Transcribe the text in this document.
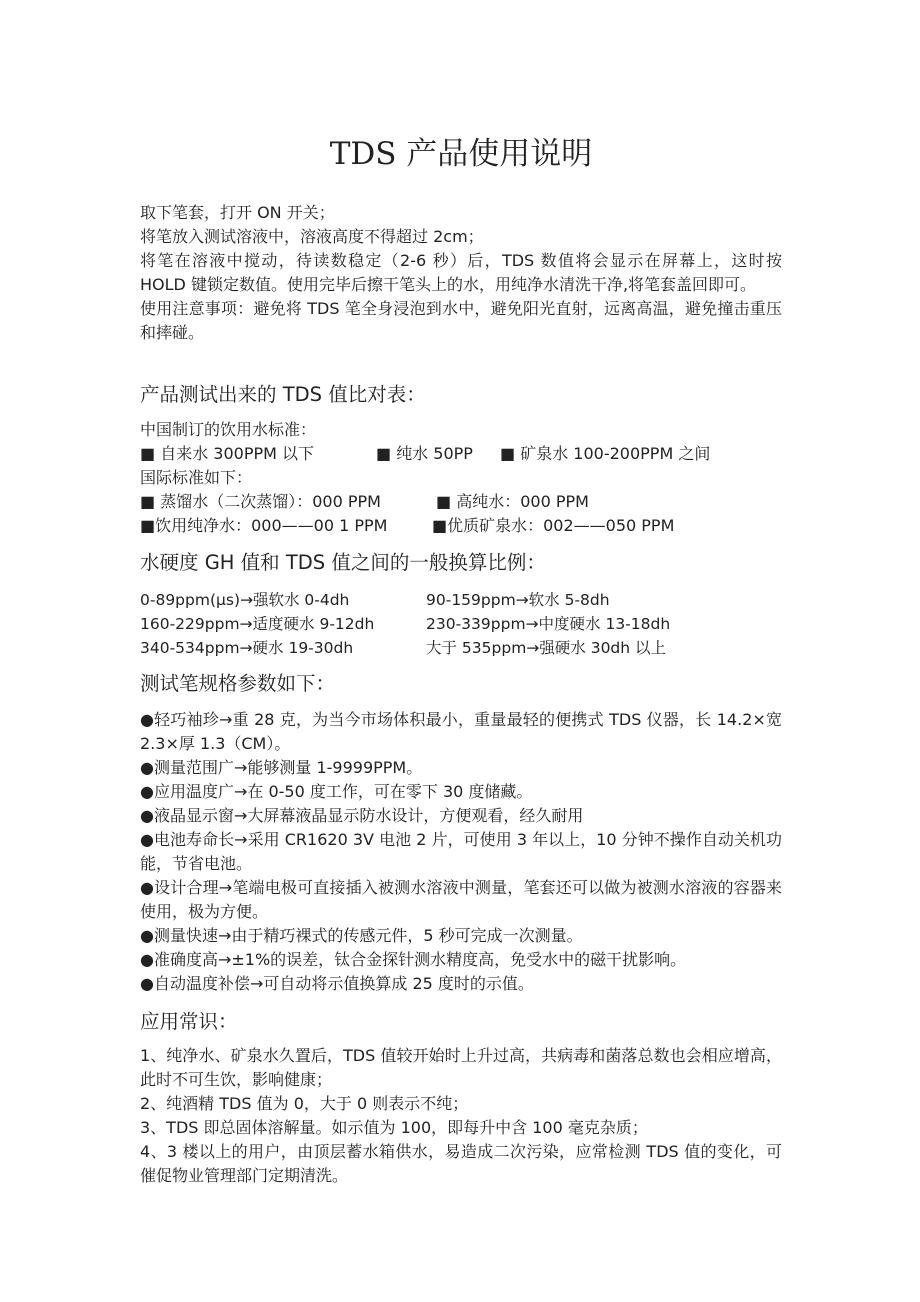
TDS 产品使用说明

取下笔套，打开 ON 开关；

将笔放入测试溶液中，溶液高度不得超过 2cm；

将笔在溶液中搅动，待读数稳定（2-6 秒）后，TDS 数值将会显示在屏幕上，这时按 HOLD 键锁定数值。使用完毕后擦干笔头上的水，用纯净水清洗干净,将笔套盖回即可。

使用注意事项：避免将 TDS 笔全身浸泡到水中，避免阳光直射，远离高温，避免撞击重压和摔碰。

产品测试出来的 TDS 值比对表：
中国制订的饮用水标准：
■ 自来水 300PPM 以下	■ 纯水 50PP	■ 矿泉水 100-200PPM 之间
国际标准如下：
■ 蒸馏水（二次蒸馏）：000 PPM	■ 高纯水：000 PPM
■饮用纯净水：000——00 1 PPM	■优质矿泉水：002——050 PPM
水硬度 GH 值和 TDS 值之间的一般换算比例：
0-89ppm(μs)→强软水 0-4dh	90-159ppm→软水 5-8dh
160-229ppm→适度硬水 9-12dh	230-339ppm→中度硬水 13-18dh
340-534ppm→硬水 19-30dh	大于 535ppm→强硬水 30dh 以上
测试笔规格参数如下：

●轻巧袖珍→重 28 克，为当今市场体积最小，重量最轻的便携式 TDS 仪器，长 14.2×宽 2.3×厚 1.3（CM）。

●测量范围广→能够测量 1-9999PPM。

●应用温度广→在 0-50 度工作，可在零下 30 度储藏。

●液晶显示窗→大屏幕液晶显示防水设计，方便观看，经久耐用

●电池寿命长→采用 CR1620 3V 电池 2 片，可使用 3 年以上，10 分钟不操作自动关机功能，节省电池。

●设计合理→笔端电极可直接插入被测水溶液中测量，笔套还可以做为被测水溶液的容器来使用，极为方便。

●测量快速→由于精巧裸式的传感元件，5 秒可完成一次测量。

●准确度高→±1%的误差，钛合金探针测水精度高，免受水中的磁干扰影响。

●自动温度补偿→可自动将示值换算成 25 度时的示值。

应用常识：

1、纯净水、矿泉水久置后，TDS 值较开始时上升过高，共病毒和菌落总数也会相应增高，此时不可生饮，影响健康；

2、纯酒精 TDS 值为 0，大于 0 则表示不纯；

3、TDS 即总固体溶解量。如示值为 100，即每升中含 100 毫克杂质；

4、3 楼以上的用户，由顶层蓄水箱供水，易造成二次污染，应常检测 TDS 值的变化，可催促物业管理部门定期清洗。
